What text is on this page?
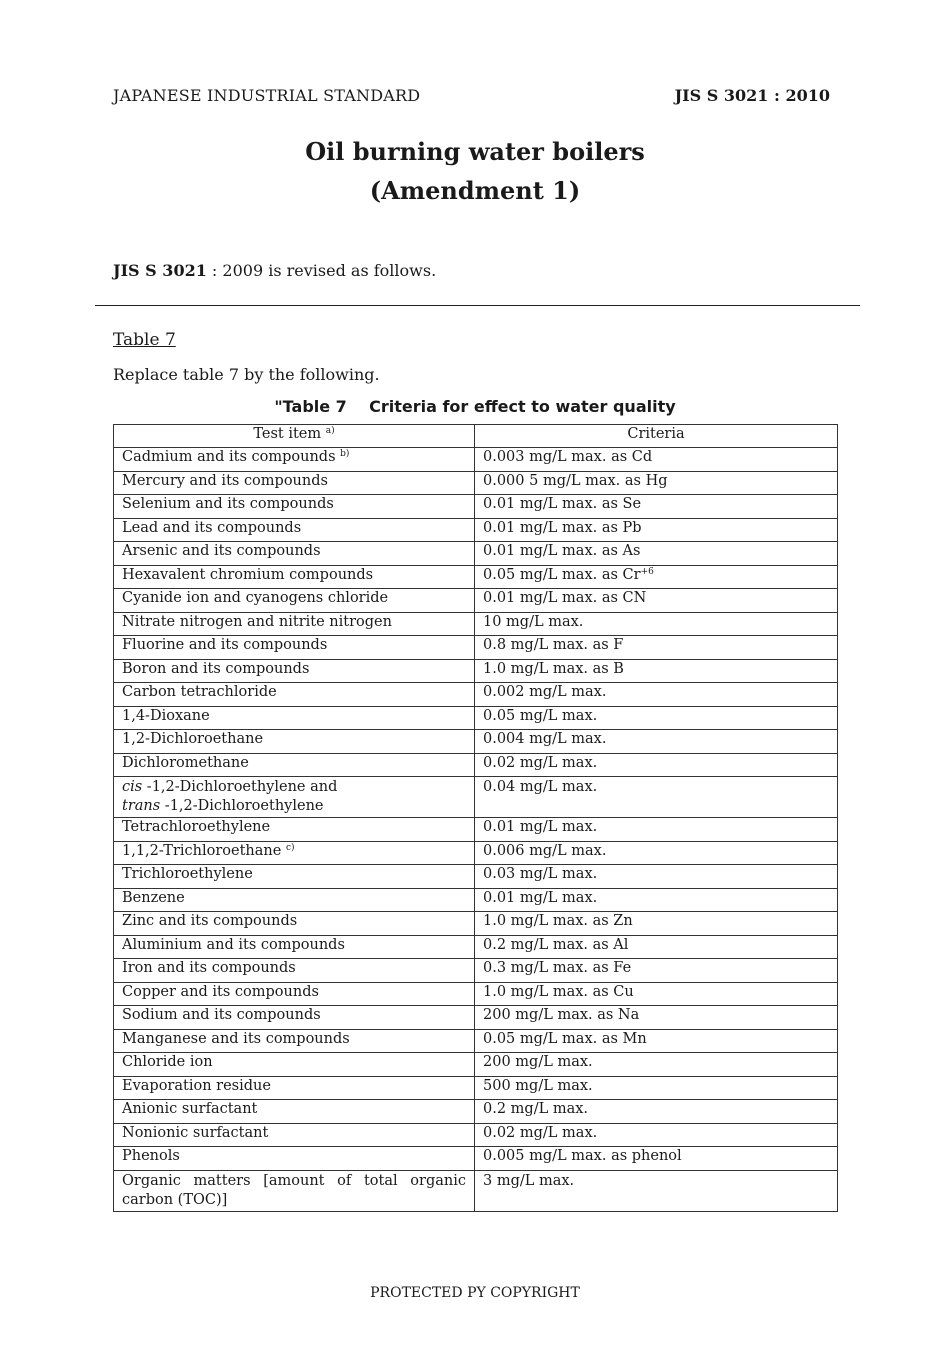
JAPANESE INDUSTRIAL STANDARD	JIS S 3021 : 2010
Oil burning water boilers
(Amendment 1)
JIS S 3021 : 2009 is revised as follows.
Table 7
Replace table 7 by the following.
"Table 7    Criteria for effect to water quality
Test item $^{a)}$	Criteria
Cadmium and its compounds $^{b)}$	0.003 mg/L max. as Cd
Mercury and its compounds	0.000 5 mg/L max. as Hg
Selenium and its compounds	0.01 mg/L max. as Se
Lead and its compounds	0.01 mg/L max. as Pb
Arsenic and its compounds	0.01 mg/L max. as As
Hexavalent chromium compounds	0.05 mg/L max. as $Cr^{+6}$
Cyanide ion and cyanogens chloride	0.01 mg/L max. as CN
Nitrate nitrogen and nitrite nitrogen	10 mg/L max.
Fluorine and its compounds	0.8 mg/L max. as F
Boron and its compounds	1.0 mg/L max. as B
Carbon tetrachloride	0.002 mg/L max.
1,4-Dioxane	0.05 mg/L max.
1,2-Dichloroethane	0.004 mg/L max.
Dichloromethane	0.02 mg/L max.
cis -1,2-Dichloroethylene and
trans -1,2-Dichloroethylene	0.04 mg/L max.
Tetrachloroethylene	0.01 mg/L max.
1,1,2-Trichloroethane $^{c)}$	0.006 mg/L max.
Trichloroethylene	0.03 mg/L max.
Benzene	0.01 mg/L max.
Zinc and its compounds	1.0 mg/L max. as Zn
Aluminium and its compounds	0.2 mg/L max. as Al
Iron and its compounds	0.3 mg/L max. as Fe
Copper and its compounds	1.0 mg/L max. as Cu
Sodium and its compounds	200 mg/L max. as Na
Manganese and its compounds	0.05 mg/L max. as Mn
Chloride ion	200 mg/L max.
Evaporation residue	500 mg/L max.
Anionic surfactant	0.2 mg/L max.
Nonionic surfactant	0.02 mg/L max.
Phenols	0.005 mg/L max. as phenol
Organic matters [amount of total organic carbon (TOC)]	3 mg/L max.
PROTECTED PY COPYRIGHT
